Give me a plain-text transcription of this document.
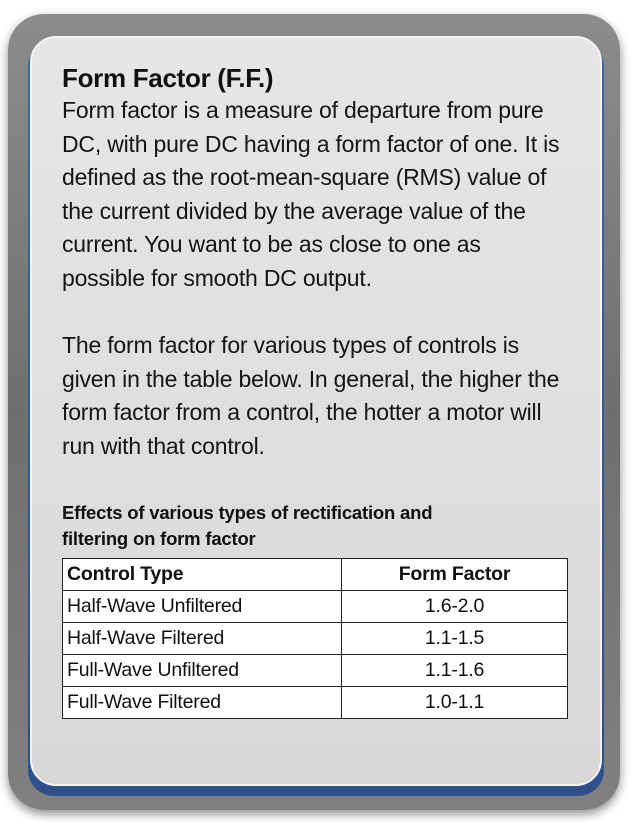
Form Factor (F.F.)

Form factor is a measure of departure from pure DC, with pure DC having a form factor of one. It is defined as the root-mean-square (RMS) value of the current divided by the average value of the current. You want to be as close to one as possible for smooth DC output.

The form factor for various types of controls is given in the table below. In general, the higher the form factor from a control, the hotter a motor will run with that control.

Effects of various types of rectification and filtering on form factor
Control Type	Form Factor
Half-Wave Unfiltered	1.6-2.0
Half-Wave Filtered	1.1-1.5
Full-Wave Unfiltered	1.1-1.6
Full-Wave Filtered	1.0-1.1
